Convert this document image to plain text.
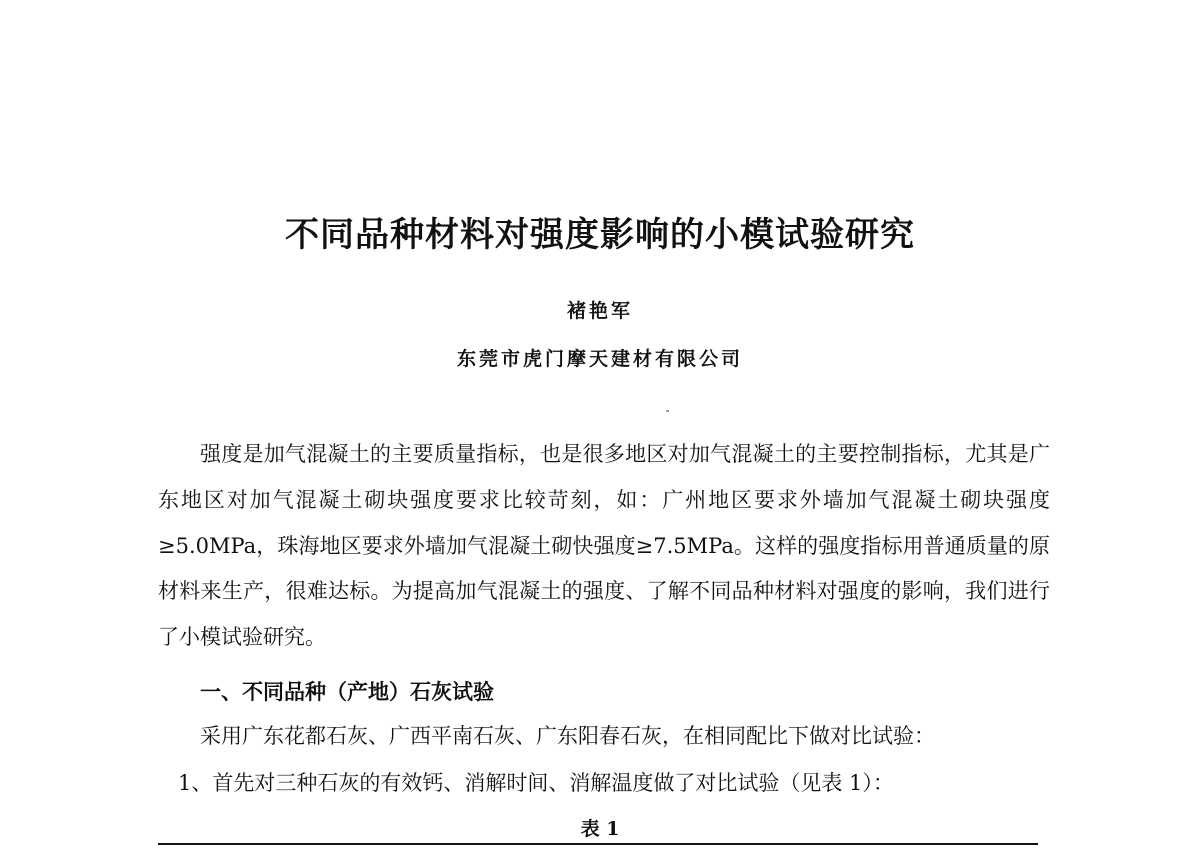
不同品种材料对强度影响的小模试验研究
褚艳军
东莞市虎门摩天建材有限公司

强度是加气混凝土的主要质量指标，也是很多地区对加气混凝土的主要控制指标，尤其是广东地区对加气混凝土砌块强度要求比较苛刻，如：广州地区要求外墙加气混凝土砌块强度≥5.0MPa，珠海地区要求外墙加气混凝土砌快强度≥7.5MPa。这样的强度指标用普通质量的原材料来生产，很难达标。为提高加气混凝土的强度、了解不同品种材料对强度的影响，我们进行了小模试验研究。

一、不同品种（产地）石灰试验

采用广东花都石灰、广西平南石灰、广东阳春石灰，在相同配比下做对比试验：

1、首先对三种石灰的有效钙、消解时间、消解温度做了对比试验（见表 1）：

表 1
